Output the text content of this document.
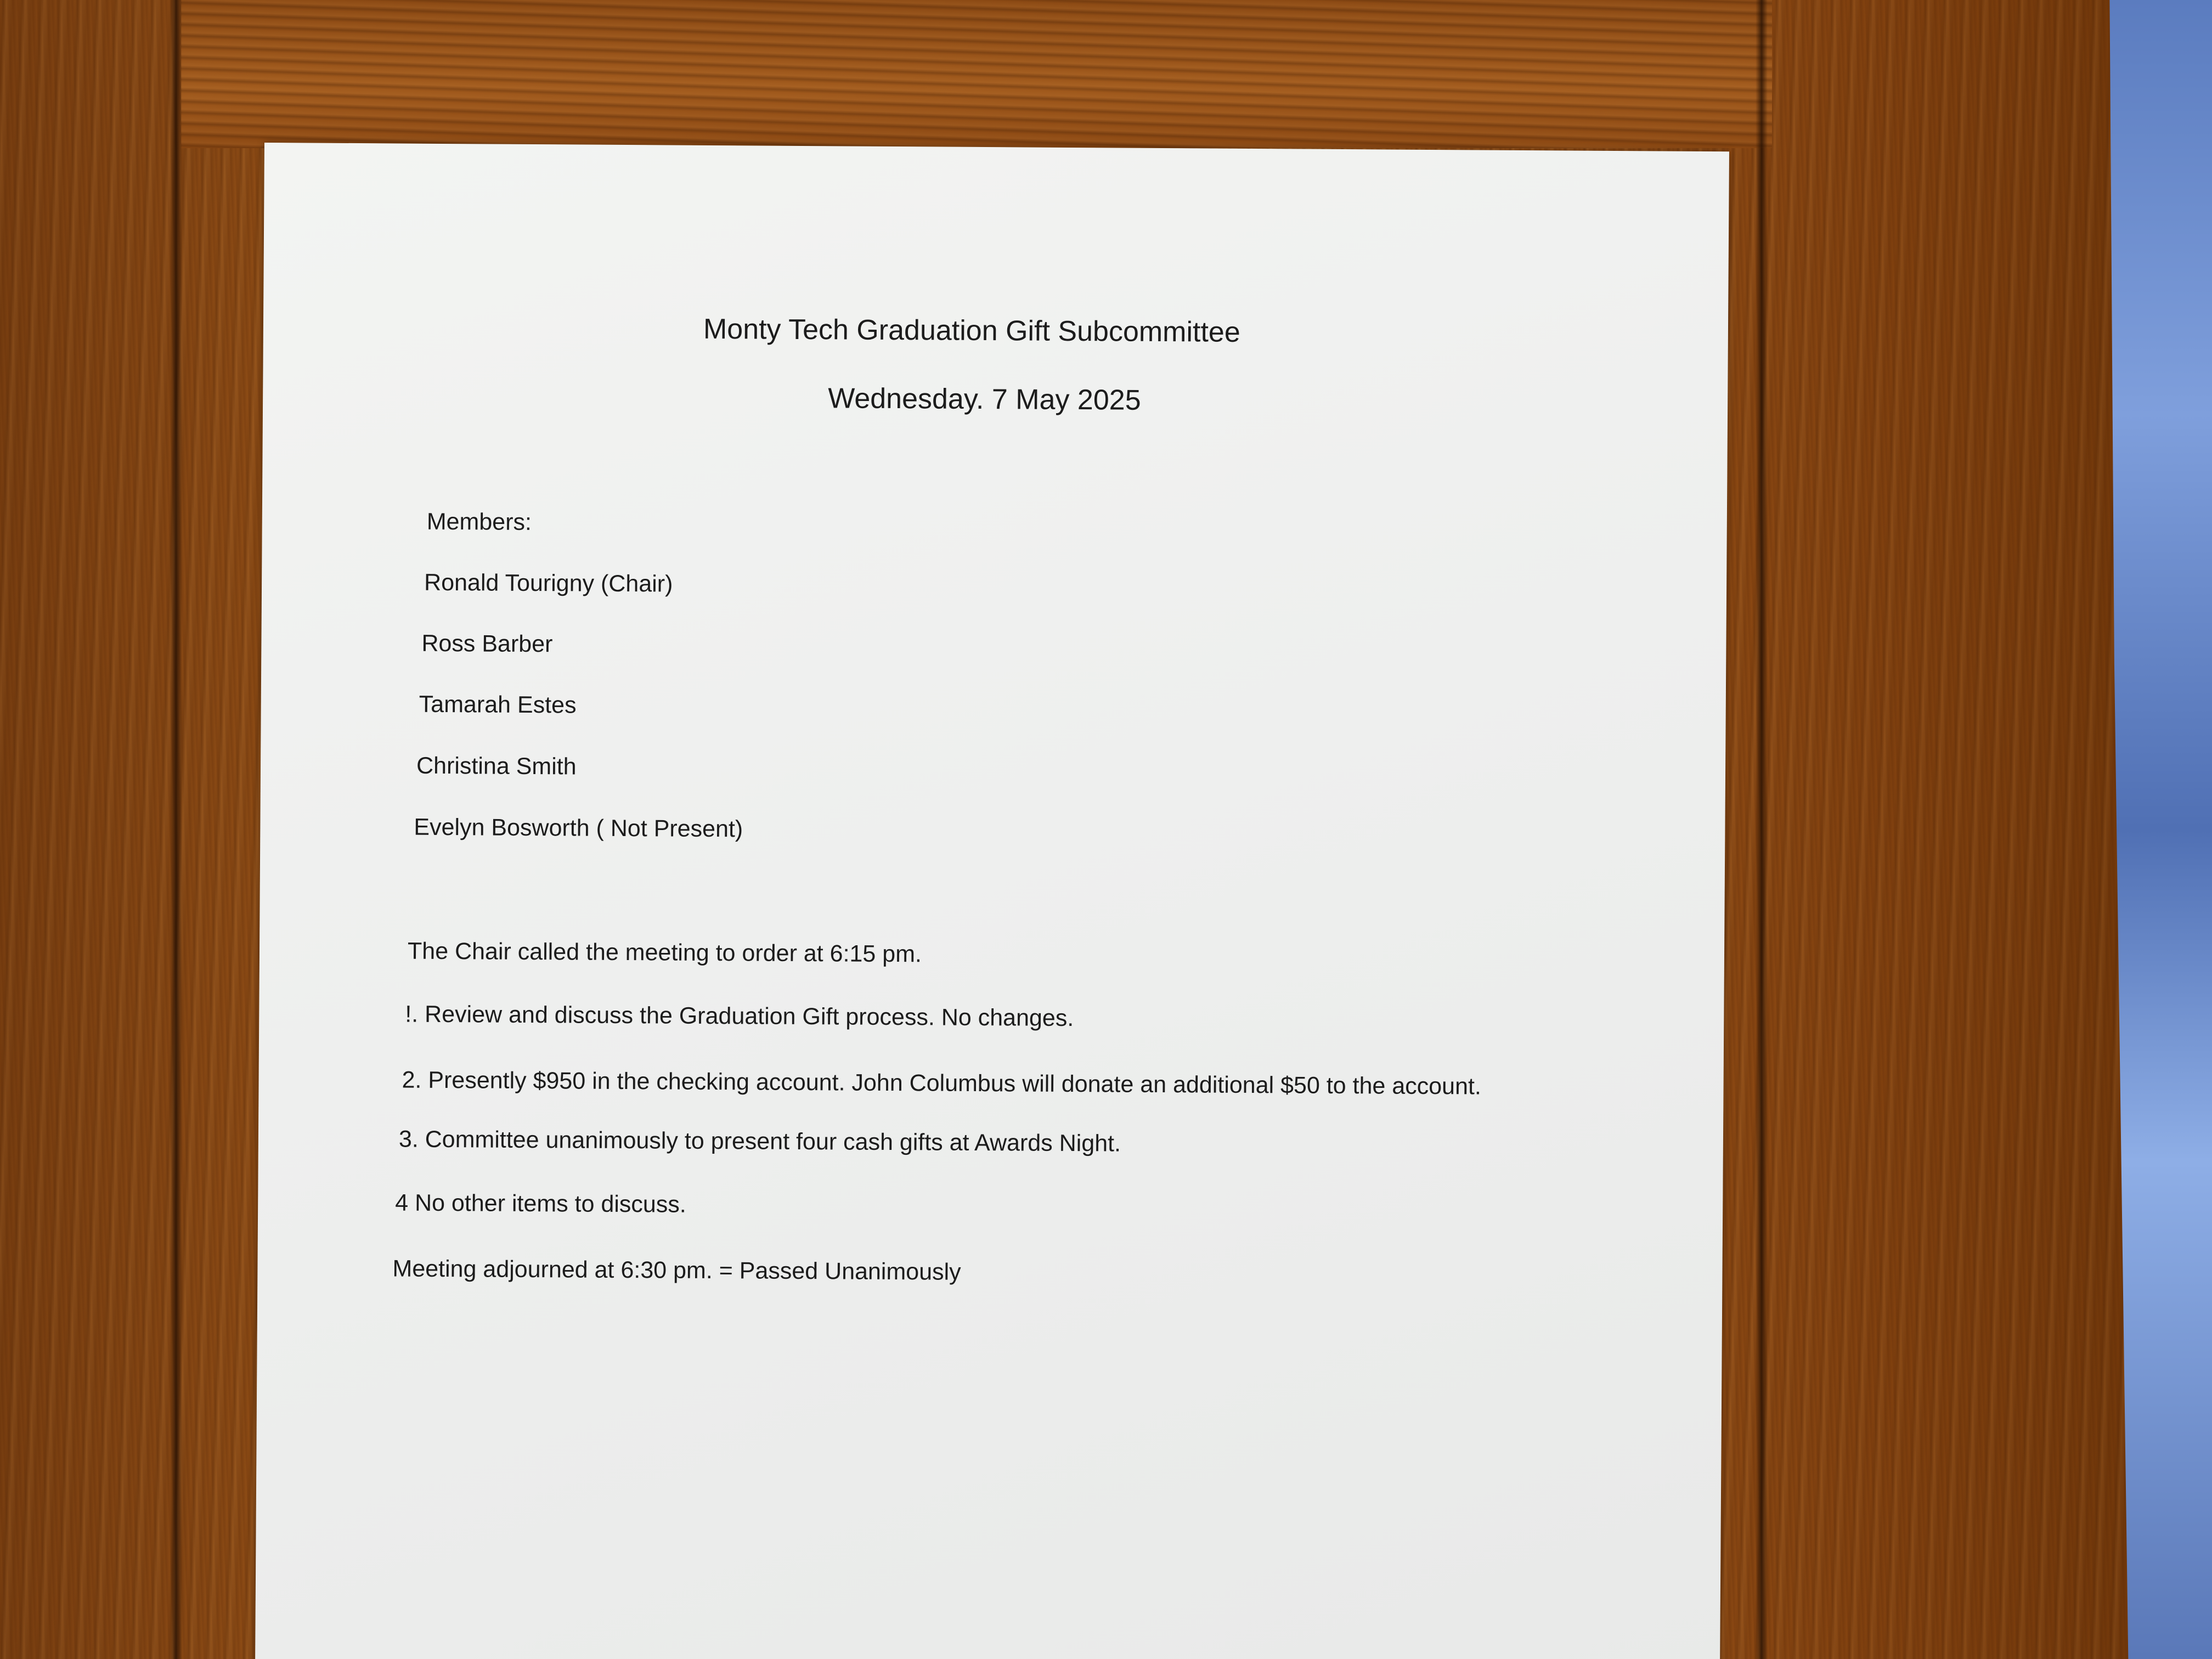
Monty Tech Graduation Gift Subcommittee

Wednesday. 7 May 2025

Members:

Ronald Tourigny (Chair)

Ross Barber

Tamarah Estes

Christina Smith

Evelyn Bosworth ( Not Present)

The Chair called the meeting to order at 6:15 pm.

!. Review and discuss the Graduation Gift process. No changes.

2. Presently $950 in the checking account. John Columbus will donate an additional $50 to the account.

3. Committee unanimously to present four cash gifts at Awards Night.

4 No other items to discuss.

Meeting adjourned at 6:30 pm. = Passed Unanimously
